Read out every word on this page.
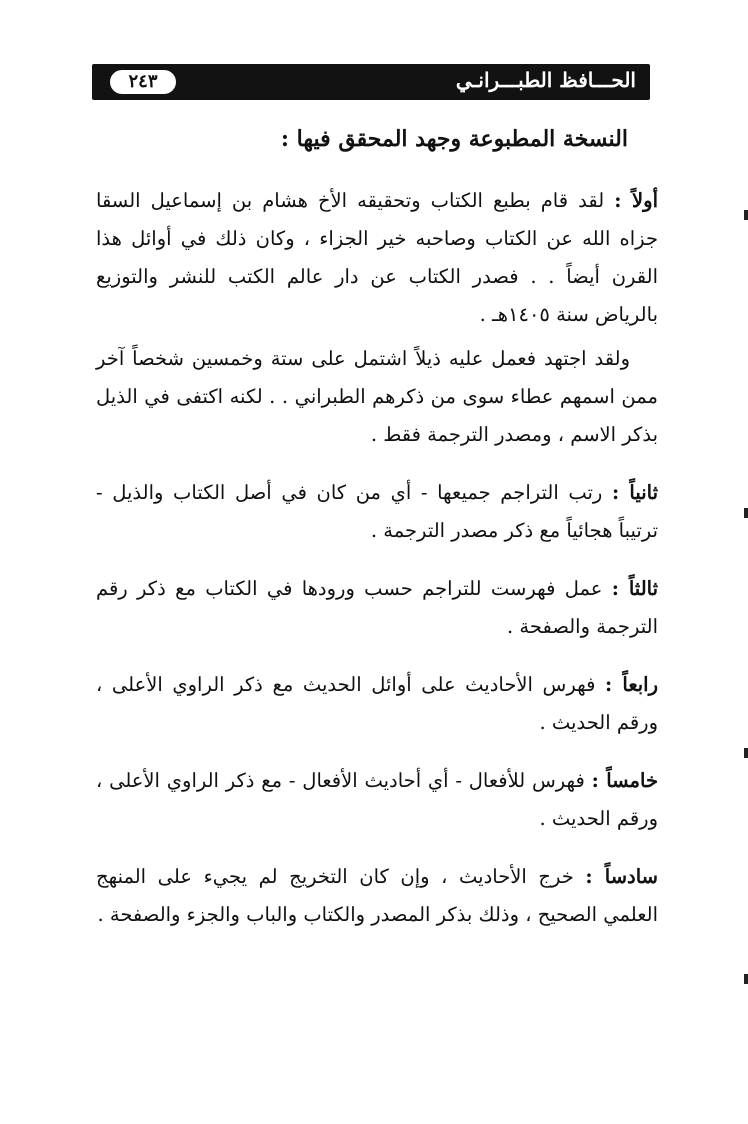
الحـــافظ الطبـــرانـي
٢٤٣
النسخة المطبوعة وجهد المحقق فيها :

أولاً : لقد قام بطبع الكتاب وتحقيقه الأخ هشام بن إسماعيل السقا جزاه الله عن الكتاب وصاحبه خير الجزاء ، وكان ذلك في أوائل هذا القرن أيضاً . . فصدر الكتاب عن دار عالم الكتب للنشر والتوزيع بالرياض سنة ١٤٠٥هـ .

ولقد اجتهد فعمل عليه ذيلاً اشتمل على ستة وخمسين شخصاً آخر ممن اسمهم عطاء سوى من ذكرهم الطبراني . . لكنه اكتفى في الذيل بذكر الاسم ، ومصدر الترجمة فقط .

ثانياً : رتب التراجم جميعها - أي من كان في أصل الكتاب والذيل - ترتيباً هجائياً مع ذكر مصدر الترجمة .

ثالثاً : عمل فهرست للتراجم حسب ورودها في الكتاب مع ذكر رقم الترجمة والصفحة .

رابعاً : فهرس الأحاديث على أوائل الحديث مع ذكر الراوي الأعلى ، ورقم الحديث .

خامساً : فهرس للأفعال - أي أحاديث الأفعال - مع ذكر الراوي الأعلى ، ورقم الحديث .

سادساً : خرج الأحاديث ، وإن كان التخريج لم يجيء على المنهج العلمي الصحيح ، وذلك بذكر المصدر والكتاب والباب والجزء والصفحة .
